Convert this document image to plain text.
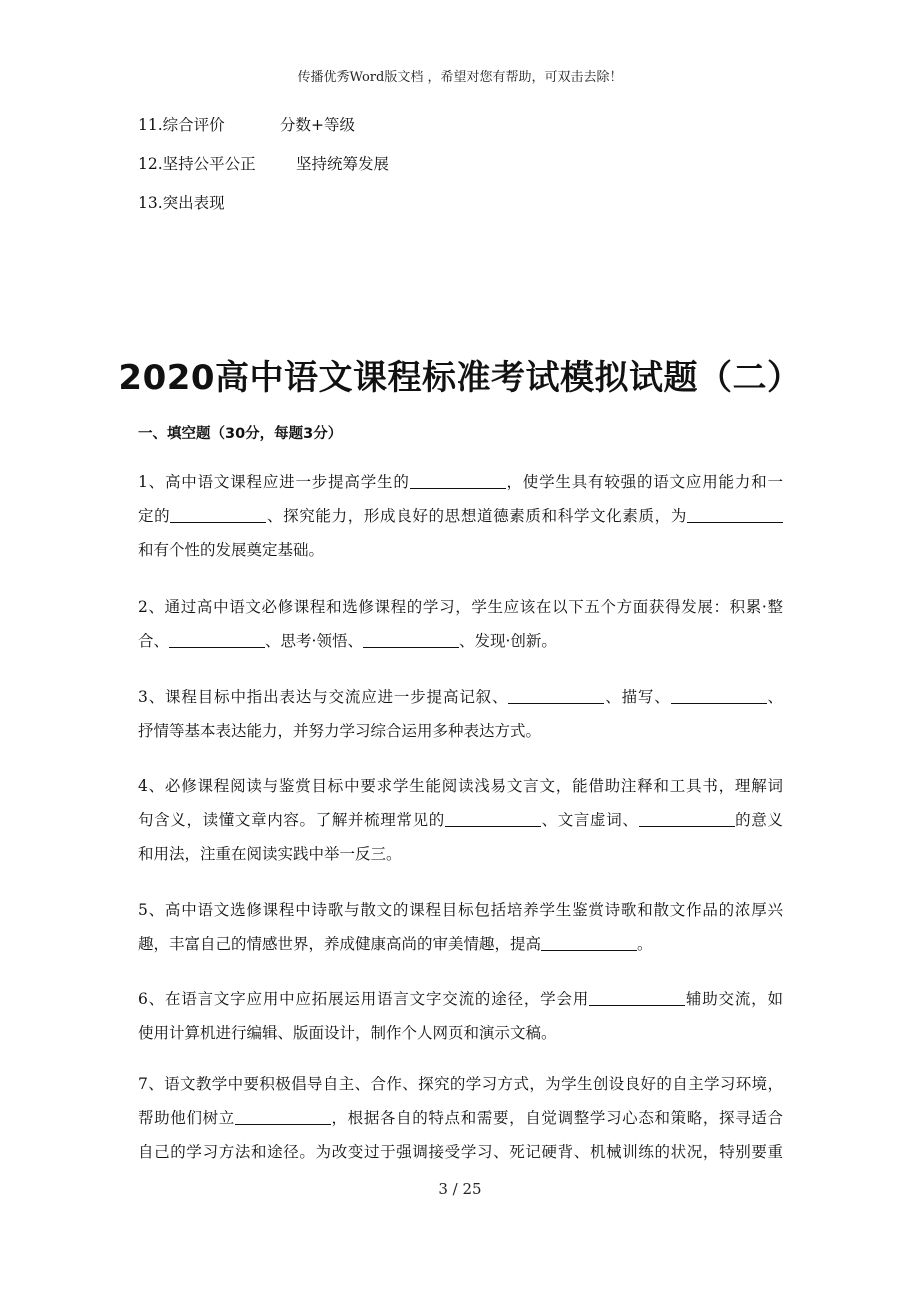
传播优秀Word版文档 ，希望对您有帮助，可双击去除！
11.综合评价	分数+等级
12.坚持公平公正	坚持统筹发展
13.突出表现
2020高中语文课程标准考试模拟试题（二）
一、填空题（30分，每题3分）
1、高中语文课程应进一步提高学生的	，使学生具有较强的语文应用能力和一
定的	、探究能力，形成良好的思想道德素质和科学文化素质，为
和有个性的发展奠定基础。
2、通过高中语文必修课程和选修课程的学习，学生应该在以下五个方面获得发展：积累·整
合、	、思考·领悟、	、发现·创新。
3、课程目标中指出表达与交流应进一步提高记叙、	、描写、	、
抒情等基本表达能力，并努力学习综合运用多种表达方式。
4、必修课程阅读与鉴赏目标中要求学生能阅读浅易文言文，能借助注释和工具书，理解词
句含义，读懂文章内容。了解并梳理常见的	、文言虚词、	的意义
和用法，注重在阅读实践中举一反三。
5、高中语文选修课程中诗歌与散文的课程目标包括培养学生鉴赏诗歌和散文作品的浓厚兴
趣，丰富自己的情感世界，养成健康高尚的审美情趣，提高	。
6、在语言文字应用中应拓展运用语言文字交流的途径，学会用	辅助交流，如
使用计算机进行编辑、版面设计，制作个人网页和演示文稿。
7、语文教学中要积极倡导自主、合作、探究的学习方式，为学生创设良好的自主学习环境，
帮助他们树立	，根据各自的特点和需要，自觉调整学习心态和策略，探寻适合
自己的学习方法和途径。为改变过于强调接受学习、死记硬背、机械训练的状况，特别要重
3 / 25
